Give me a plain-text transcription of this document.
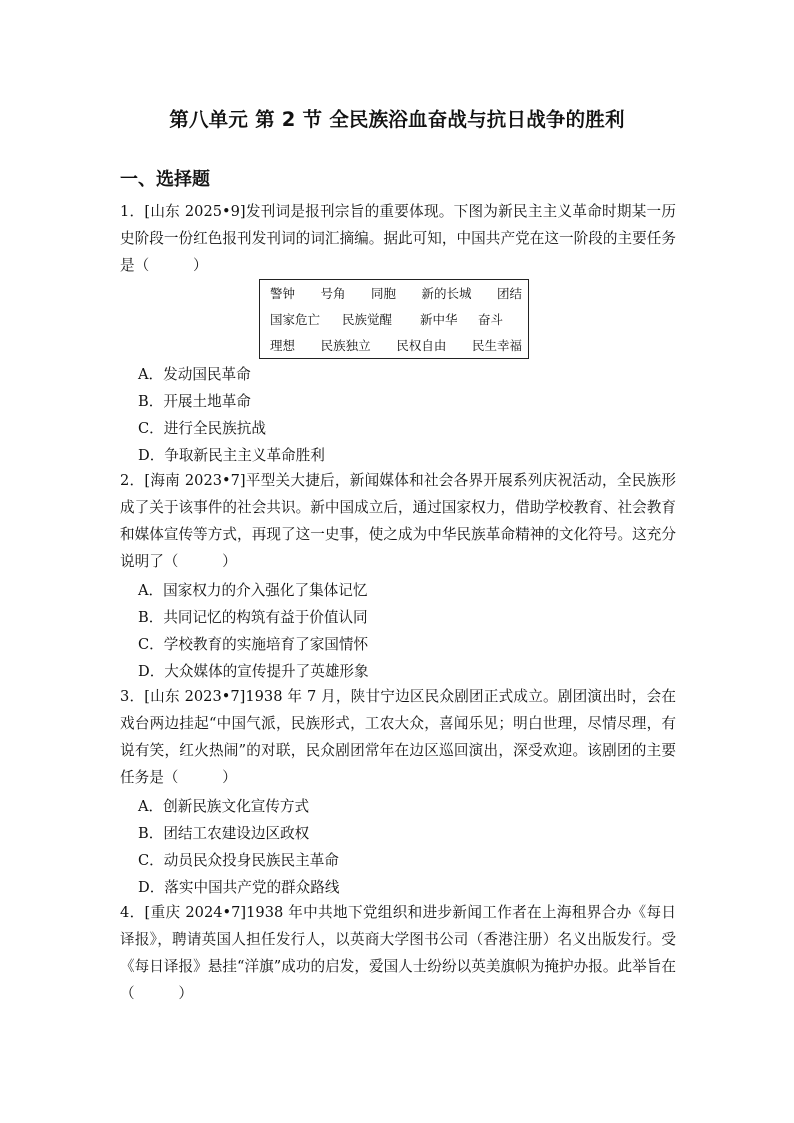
第八单元 第 2 节 全民族浴血奋战与抗日战争的胜利
一、选择题
1．[山东 2025•9]发刊词是报刊宗旨的重要体现。下图为新民主主义革命时期某一历史阶段一份红色报刊发刊词的词汇摘编。据此可知，中国共产党在这一阶段的主要任务是（　　　）
警钟 号角 同胞 新的长城 团结
国家危亡	民族觉醒	新中华	奋斗
理想 民族独立 民权自由 民生幸福
A．发动国民革命
B．开展土地革命
C．进行全民族抗战
D．争取新民主主义革命胜利
2．[海南 2023•7]平型关大捷后，新闻媒体和社会各界开展系列庆祝活动，全民族形成了关于该事件的社会共识。新中国成立后，通过国家权力，借助学校教育、社会教育和媒体宣传等方式，再现了这一史事，使之成为中华民族革命精神的文化符号。这充分说明了（　　　）
A．国家权力的介入强化了集体记忆
B．共同记忆的构筑有益于价值认同
C．学校教育的实施培育了家国情怀
D．大众媒体的宣传提升了英雄形象
3．[山东 2023•7]1938 年 7 月，陕甘宁边区民众剧团正式成立。剧团演出时，会在戏台两边挂起“中国气派，民族形式，工农大众，喜闻乐见；明白世理，尽情尽理，有说有笑，红火热闹”的对联，民众剧团常年在边区巡回演出，深受欢迎。该剧团的主要任务是（　　　）
A．创新民族文化宣传方式
B．团结工农建设边区政权
C．动员民众投身民族民主革命
D．落实中国共产党的群众路线
4．[重庆 2024•7]1938 年中共地下党组织和进步新闻工作者在上海租界合办《每日译报》，聘请英国人担任发行人，以英商大学图书公司（香港注册）名义出版发行。受《每日译报》悬挂“洋旗”成功的启发，爱国人士纷纷以英美旗帜为掩护办报。此举旨在（　　　）
